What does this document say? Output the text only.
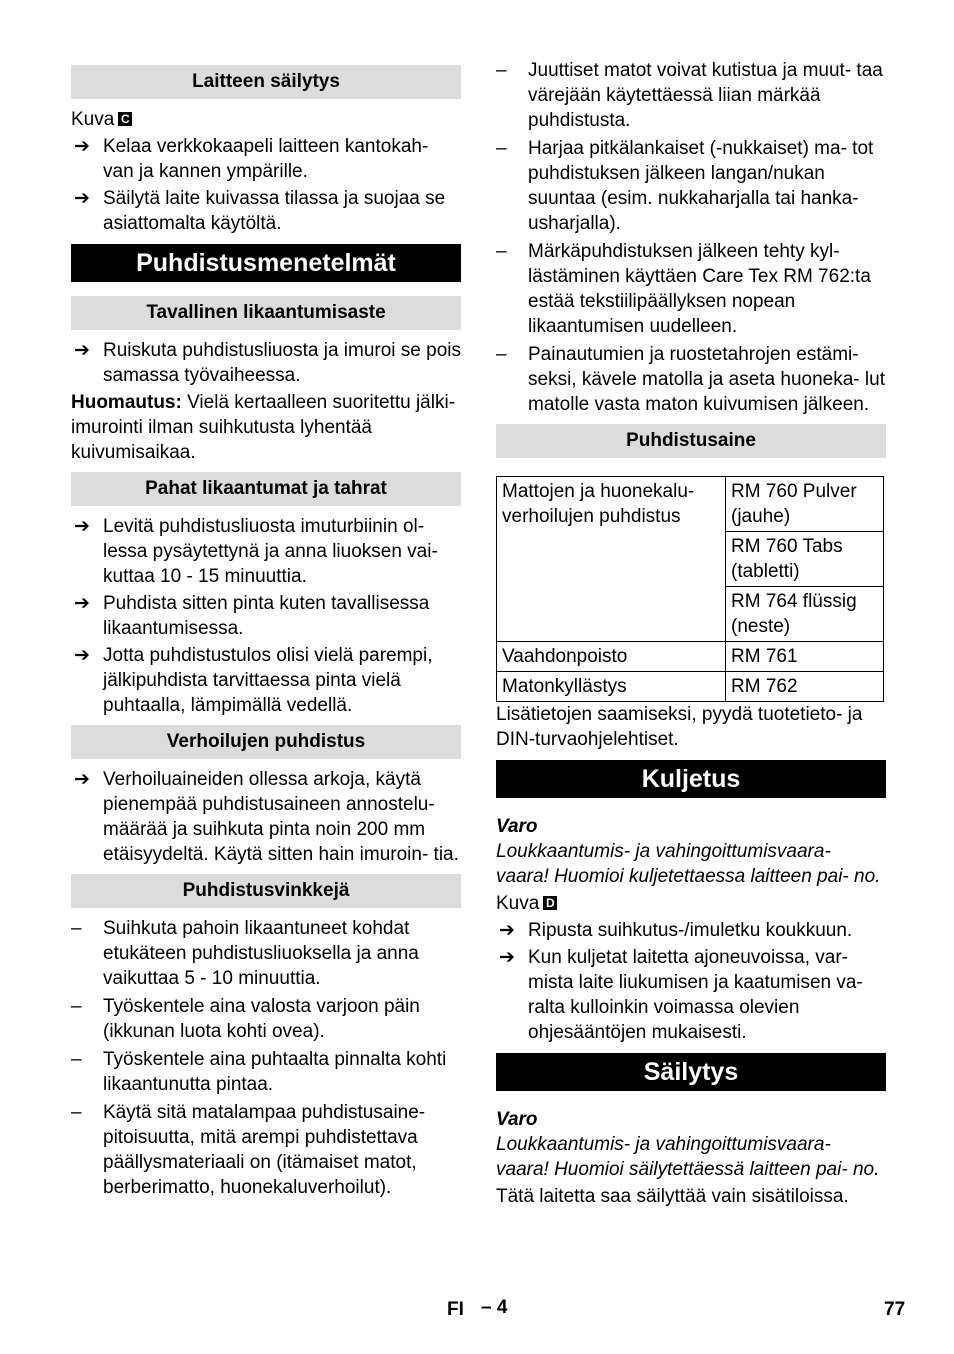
Laitteen säilytys
Kuva C
➔ Kelaa verkkokaapeli laitteen kantokah- van ja kannen ympärille.
➔ Säilytä laite kuivassa tilassa ja suojaa se asiattomalta käytöltä.
Puhdistusmenetelmät
Tavallinen likaantumisaste
➔ Ruiskuta puhdistusliuosta ja imuroi se pois samassa työvaiheessa.
Huomautus: Vielä kertaalleen suoritettu jälki-imurointi ilman suihkutusta lyhentää kuivumisaikaa.
Pahat likaantumat ja tahrat
➔ Levitä puhdistusliuosta imuturbiinin ol- lessa pysäytettynä ja anna liuoksen vai- kuttaa 10 - 15 minuuttia.
➔ Puhdista sitten pinta kuten tavallisessa likaantumisessa.
➔ Jotta puhdistustulos olisi vielä parempi, jälkipuhdista tarvittaessa pinta vielä puhtaalla, lämpimällä vedellä.
Verhoilujen puhdistus
➔ Verhoiluaineiden ollessa arkoja, käytä pienempää puhdistusaineen annostelu- määrää ja suihkuta pinta noin 200 mm etäisyydeltä. Käytä sitten hain imuroin- tia.
Puhdistusvinkkejä
–	Suihkuta pahoin likaantuneet kohdat etukäteen puhdistusliuoksella ja anna vaikuttaa 5 - 10 minuuttia.
–	Työskentele aina valosta varjoon päin (ikkunan luota kohti ovea).
–	Työskentele aina puhtaalta pinnalta kohti likaantunutta pintaa.
–	Käytä sitä matalampaa puhdistusaine- pitoisuutta, mitä arempi puhdistettava päällysmateriaali on (itämaiset matot, berberimatto, huonekaluverhoilut).
–	Juuttiset matot voivat kutistua ja muut- taa värejään käytettäessä liian märkää puhdistusta.
–	Harjaa pitkälankaiset (-nukkaiset) ma- tot puhdistuksen jälkeen langan/nukan suuntaa (esim. nukkaharjalla tai hanka- usharjalla).
–	Märkäpuhdistuksen jälkeen tehty kyl- lästäminen käyttäen Care Tex RM 762:ta estää tekstiilipäällyksen nopean likaantumisen uudelleen.
–	Painautumien ja ruostetahrojen estämi- seksi, kävele matolla ja aseta huoneka- lut matolle vasta maton kuivumisen jälkeen.
Puhdistusaine
Mattojen ja huonekalu- verhoilujen puhdistus	RM 760 Pulver (jauhe)
	RM 760 Tabs (tabletti)
	RM 764 flüssig (neste)
Vaahdonpoisto	RM 761
Matonkyllästys	RM 762
Lisätietojen saamiseksi, pyydä tuotetieto- ja DIN-turvaohjelehtiset.
Kuljetus
Varo
Loukkaantumis- ja vahingoittumisvaara- vaara! Huomioi kuljetettaessa laitteen pai- no.
Kuva D
➔ Ripusta suihkutus-/imuletku koukkuun.
➔ Kun kuljetat laitetta ajoneuvoissa, var- mista laite liukumisen ja kaatumisen va- ralta kulloinkin voimassa olevien ohjesääntöjen mukaisesti.
Säilytys
Varo
Loukkaantumis- ja vahingoittumisvaara- vaara! Huomioi säilytettäessä laitteen pai- no.
Tätä laitetta saa säilyttää vain sisätiloissa.
FI – 4	77
